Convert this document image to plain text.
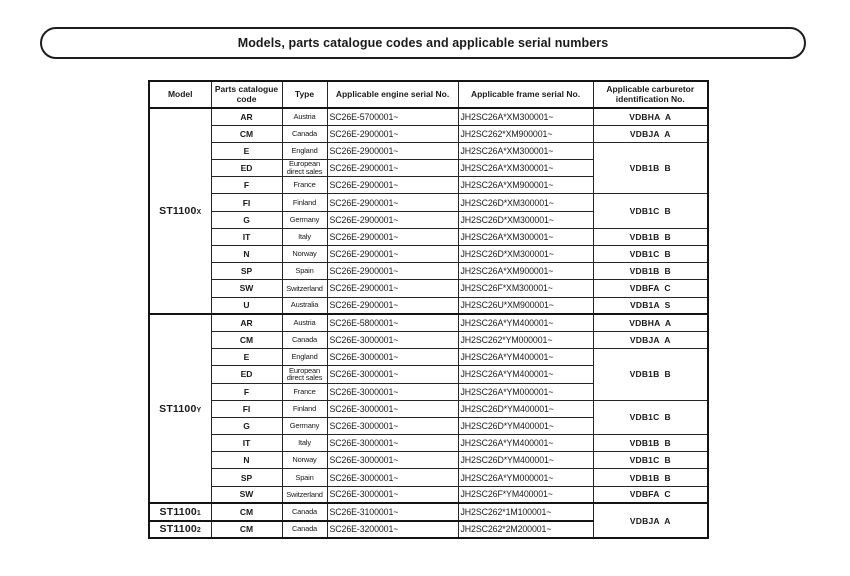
Models, parts catalogue codes and applicable serial numbers
Model	Parts catalogue code	Type	Applicable engine serial No.	Applicable frame serial No.	Applicable carburetor identification No.
ST1100X	AR	Austria	SC26E-5700001~	JH2SC26A*XM300001~	VDBHA  A
	CM	Canada	SC26E-2900001~	JH2SC262*XM900001~	VDBJA  A
	E	England	SC26E-2900001~	JH2SC26A*XM300001~	VDB1B  B
	ED	European direct sales	SC26E-2900001~	JH2SC26A*XM300001~	
	F	France	SC26E-2900001~	JH2SC26A*XM900001~	
	FI	Finland	SC26E-2900001~	JH2SC26D*XM300001~	VDB1C  B
	G	Germany	SC26E-2900001~	JH2SC26D*XM300001~	
	IT	Italy	SC26E-2900001~	JH2SC26A*XM300001~	VDB1B  B
	N	Norway	SC26E-2900001~	JH2SC26D*XM300001~	VDB1C  B
	SP	Spain	SC26E-2900001~	JH2SC26A*XM900001~	VDB1B  B
	SW	Switzerland	SC26E-2900001~	JH2SC26F*XM300001~	VDBFA  C
	U	Australia	SC26E-2900001~	JH2SC26U*XM900001~	VDB1A  S
ST1100Y	AR	Austria	SC26E-5800001~	JH2SC26A*YM400001~	VDBHA  A
	CM	Canada	SC26E-3000001~	JH2SC262*YM000001~	VDBJA  A
	E	England	SC26E-3000001~	JH2SC26A*YM400001~	VDB1B  B
	ED	European direct sales	SC26E-3000001~	JH2SC26A*YM400001~	
	F	France	SC26E-3000001~	JH2SC26A*YM000001~	
	FI	Finland	SC26E-3000001~	JH2SC26D*YM400001~	VDB1C  B
	G	Germany	SC26E-3000001~	JH2SC26D*YM400001~	
	IT	Italy	SC26E-3000001~	JH2SC26A*YM400001~	VDB1B  B
	N	Norway	SC26E-3000001~	JH2SC26D*YM400001~	VDB1C  B
	SP	Spain	SC26E-3000001~	JH2SC26A*YM000001~	VDB1B  B
	SW	Switzerland	SC26E-3000001~	JH2SC26F*YM400001~	VDBFA  C
ST11001	CM	Canada	SC26E-3100001~	JH2SC262*1M100001~	VDBJA  A
ST11002	CM	Canada	SC26E-3200001~	JH2SC262*2M200001~	
